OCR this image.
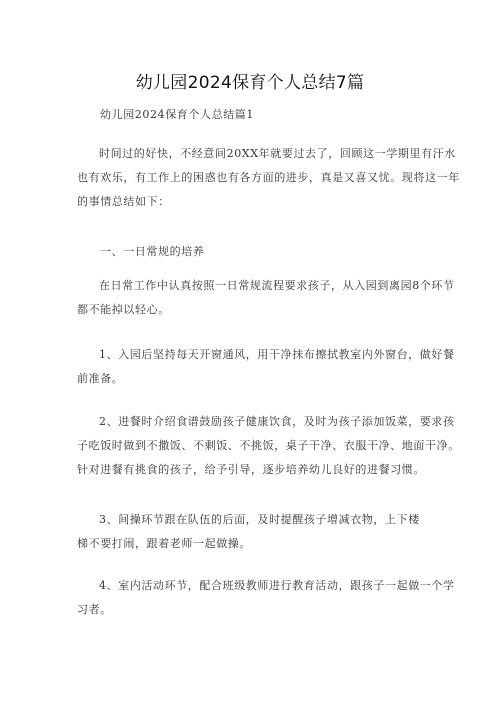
幼儿园2024保育个人总结7篇
幼儿园2024保育个人总结篇1
时间过的好快，不经意间20XX年就要过去了，回顾这一学期里有汗水
也有欢乐，有工作上的困惑也有各方面的进步，真是又喜又忧。现将这一年
的事情总结如下：
一、一日常规的培养
在日常工作中认真按照一日常规流程要求孩子，从入园到离园8个环节
都不能掉以轻心。
1、入园后坚持每天开窗通风，用干净抹布擦拭教室内外窗台，做好餐
前准备。
2、进餐时介绍食谱鼓励孩子健康饮食，及时为孩子添加饭菜，要求孩
子吃饭时做到不撒饭、不剩饭、不挑饭，桌子干净、衣服干净、地面干净。
针对进餐有挑食的孩子，给予引导，逐步培养幼儿良好的进餐习惯。
3、间操环节跟在队伍的后面，及时提醒孩子增减衣物，上下楼
梯不要打闹，跟着老师一起做操。
4、室内活动环节，配合班级教师进行教育活动，跟孩子一起做一个学
习者。
